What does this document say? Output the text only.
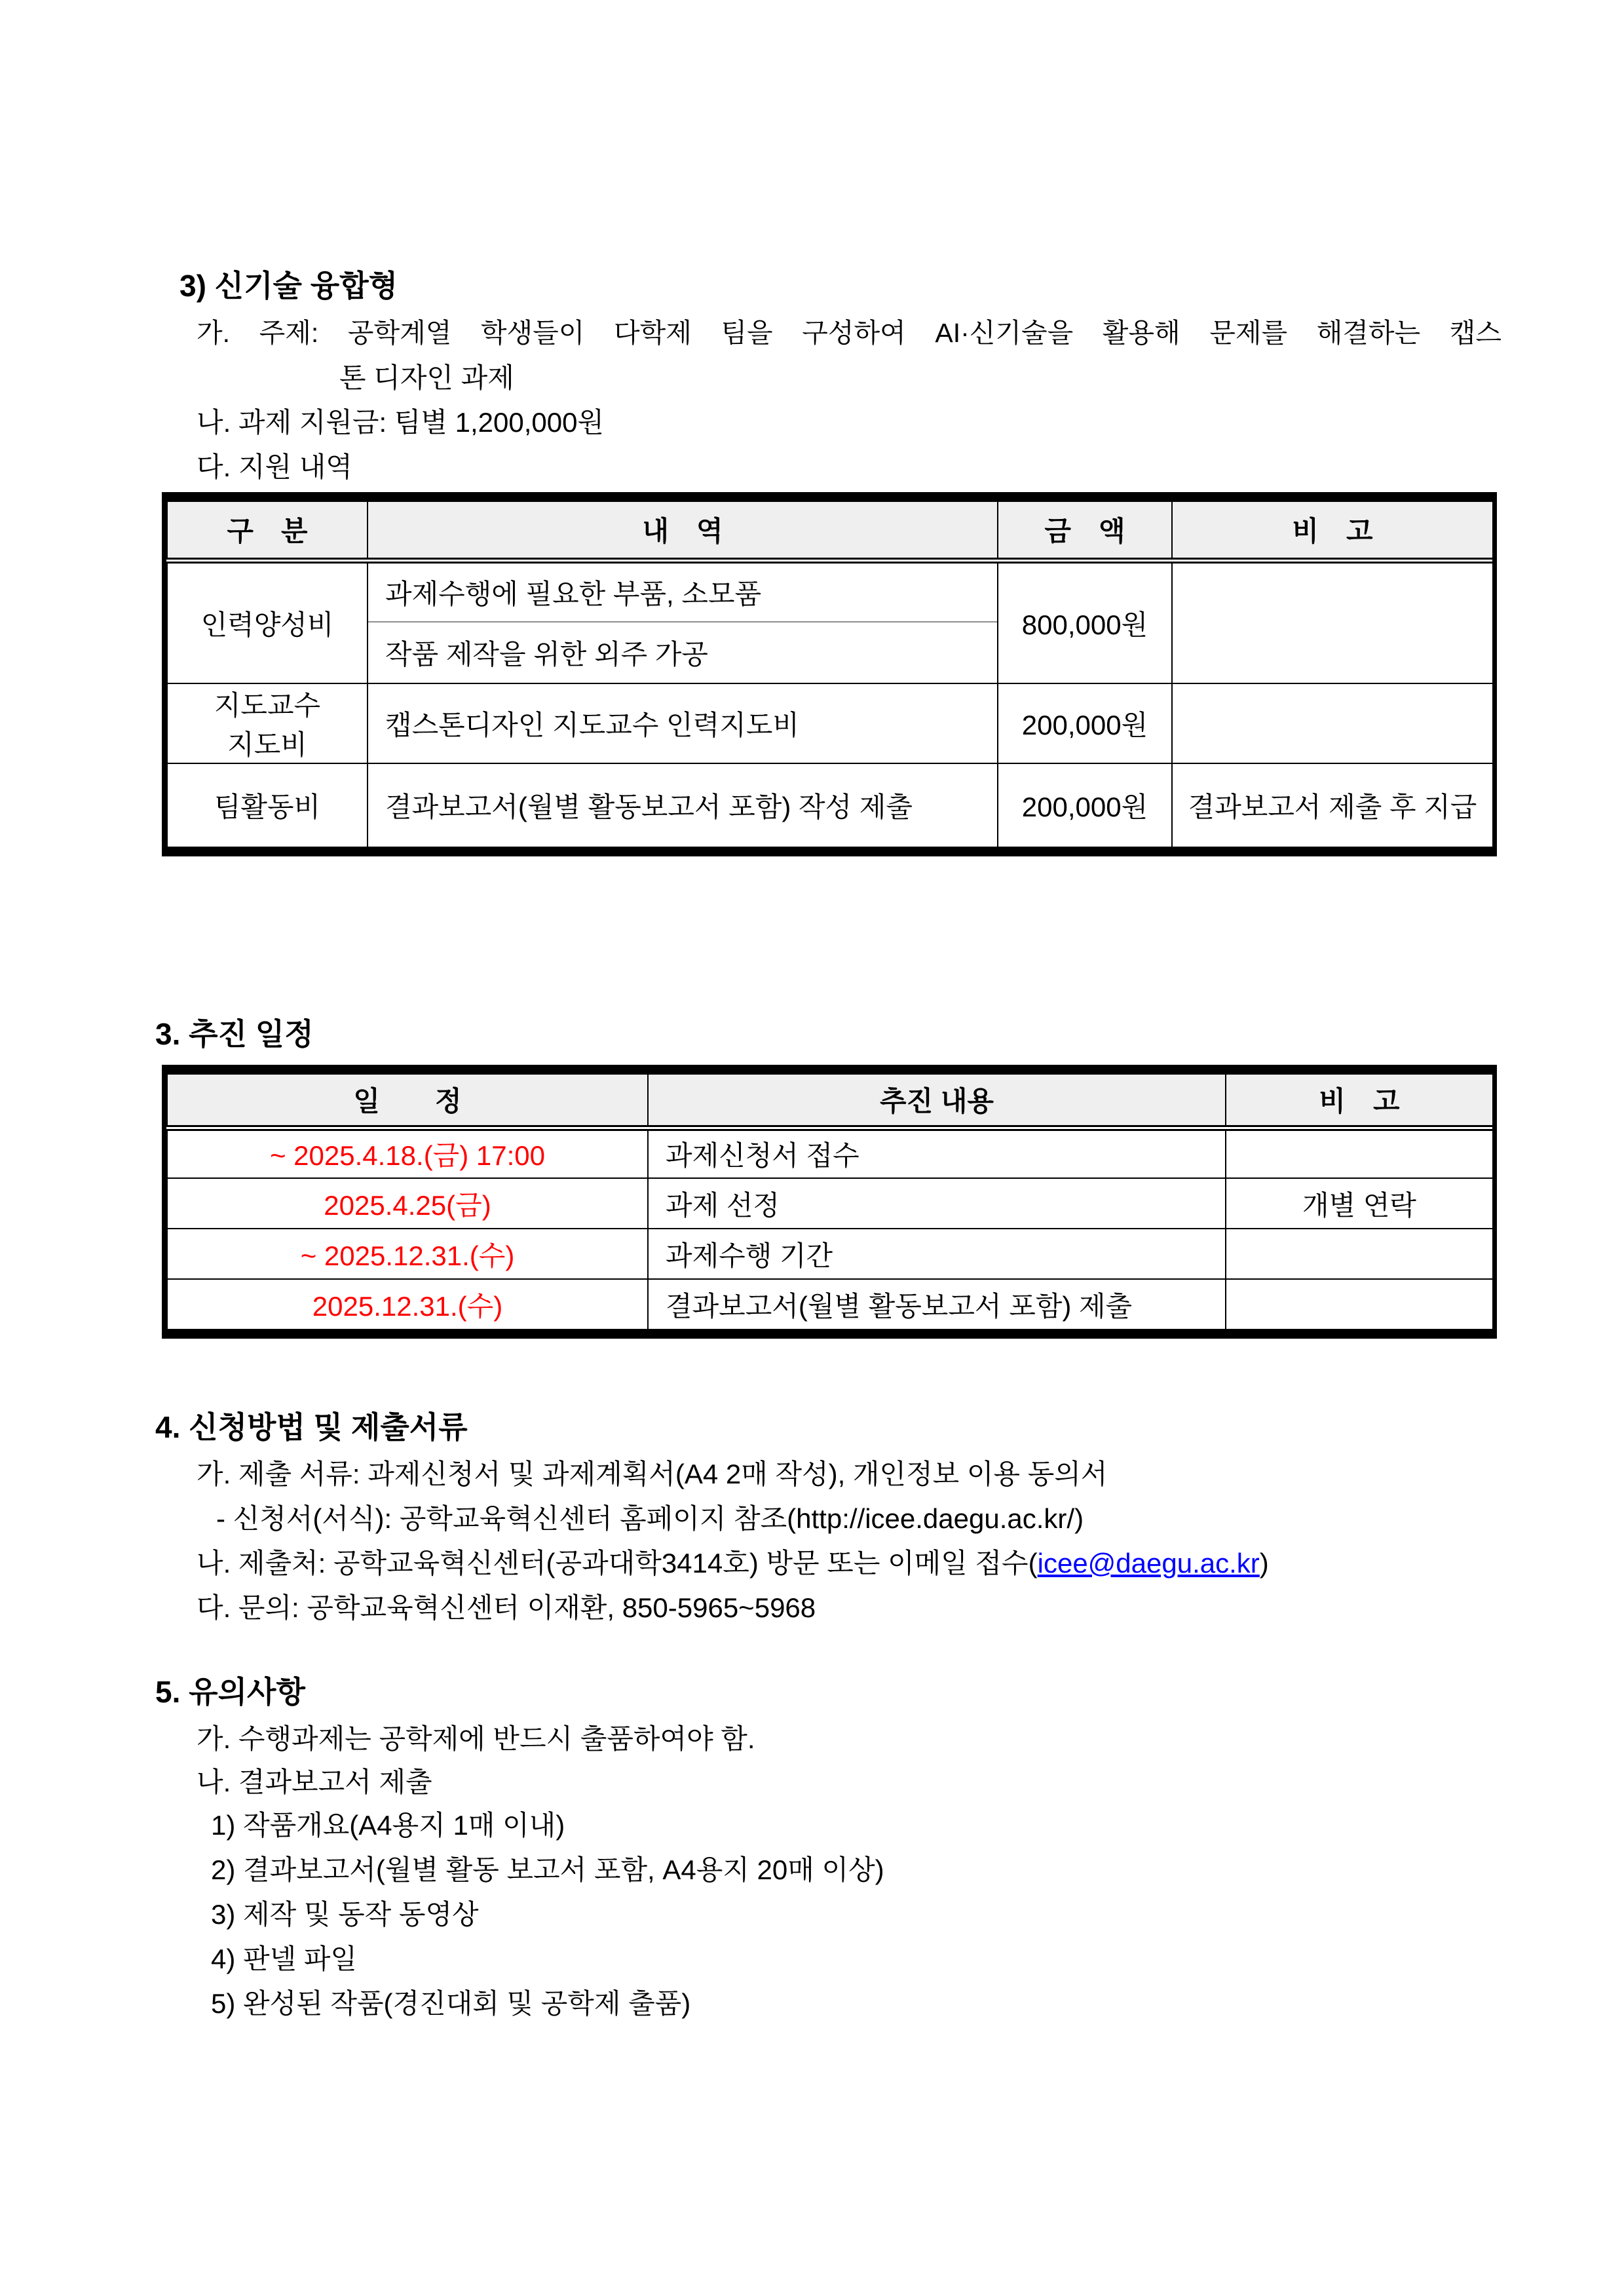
3) 신기술 융합형
가. 주제: 공학계열 학생들이 다학제 팀을 구성하여 AI·신기술을 활용해 문제를 해결하는 캡스
톤 디자인 과제
나. 과제 지원금: 팀별 1,200,000원
다. 지원 내역
구　분	내　역	금　액	비　고
인력양성비	과제수행에 필요한 부품, 소모품	800,000원	
	작품 제작을 위한 외주 가공		
지도교수
지도비	캡스톤디자인 지도교수 인력지도비	200,000원	
팀활동비	결과보고서(월별 활동보고서 포함) 작성 제출	200,000원	결과보고서 제출 후 지급
3. 추진 일정
일　　정	추진 내용	비　고
~ 2025.4.18.(금) 17:00	과제신청서 접수	
2025.4.25(금)	과제 선정	개별 연락
~ 2025.12.31.(수)	과제수행 기간	
2025.12.31.(수)	결과보고서(월별 활동보고서 포함) 제출	
4. 신청방법 및 제출서류
가. 제출 서류: 과제신청서 및 과제계획서(A4 2매 작성), 개인정보 이용 동의서
- 신청서(서식): 공학교육혁신센터 홈페이지 참조(http://icee.daegu.ac.kr/)
나. 제출처: 공학교육혁신센터(공과대학3414호) 방문 또는 이메일 접수(icee@daegu.ac.kr)
다. 문의: 공학교육혁신센터 이재환, 850-5965~5968
5. 유의사항
가. 수행과제는 공학제에 반드시 출품하여야 함.
나. 결과보고서 제출
1) 작품개요(A4용지 1매 이내)
2) 결과보고서(월별 활동 보고서 포함, A4용지 20매 이상)
3) 제작 및 동작 동영상
4) 판넬 파일
5) 완성된 작품(경진대회 및 공학제 출품)
